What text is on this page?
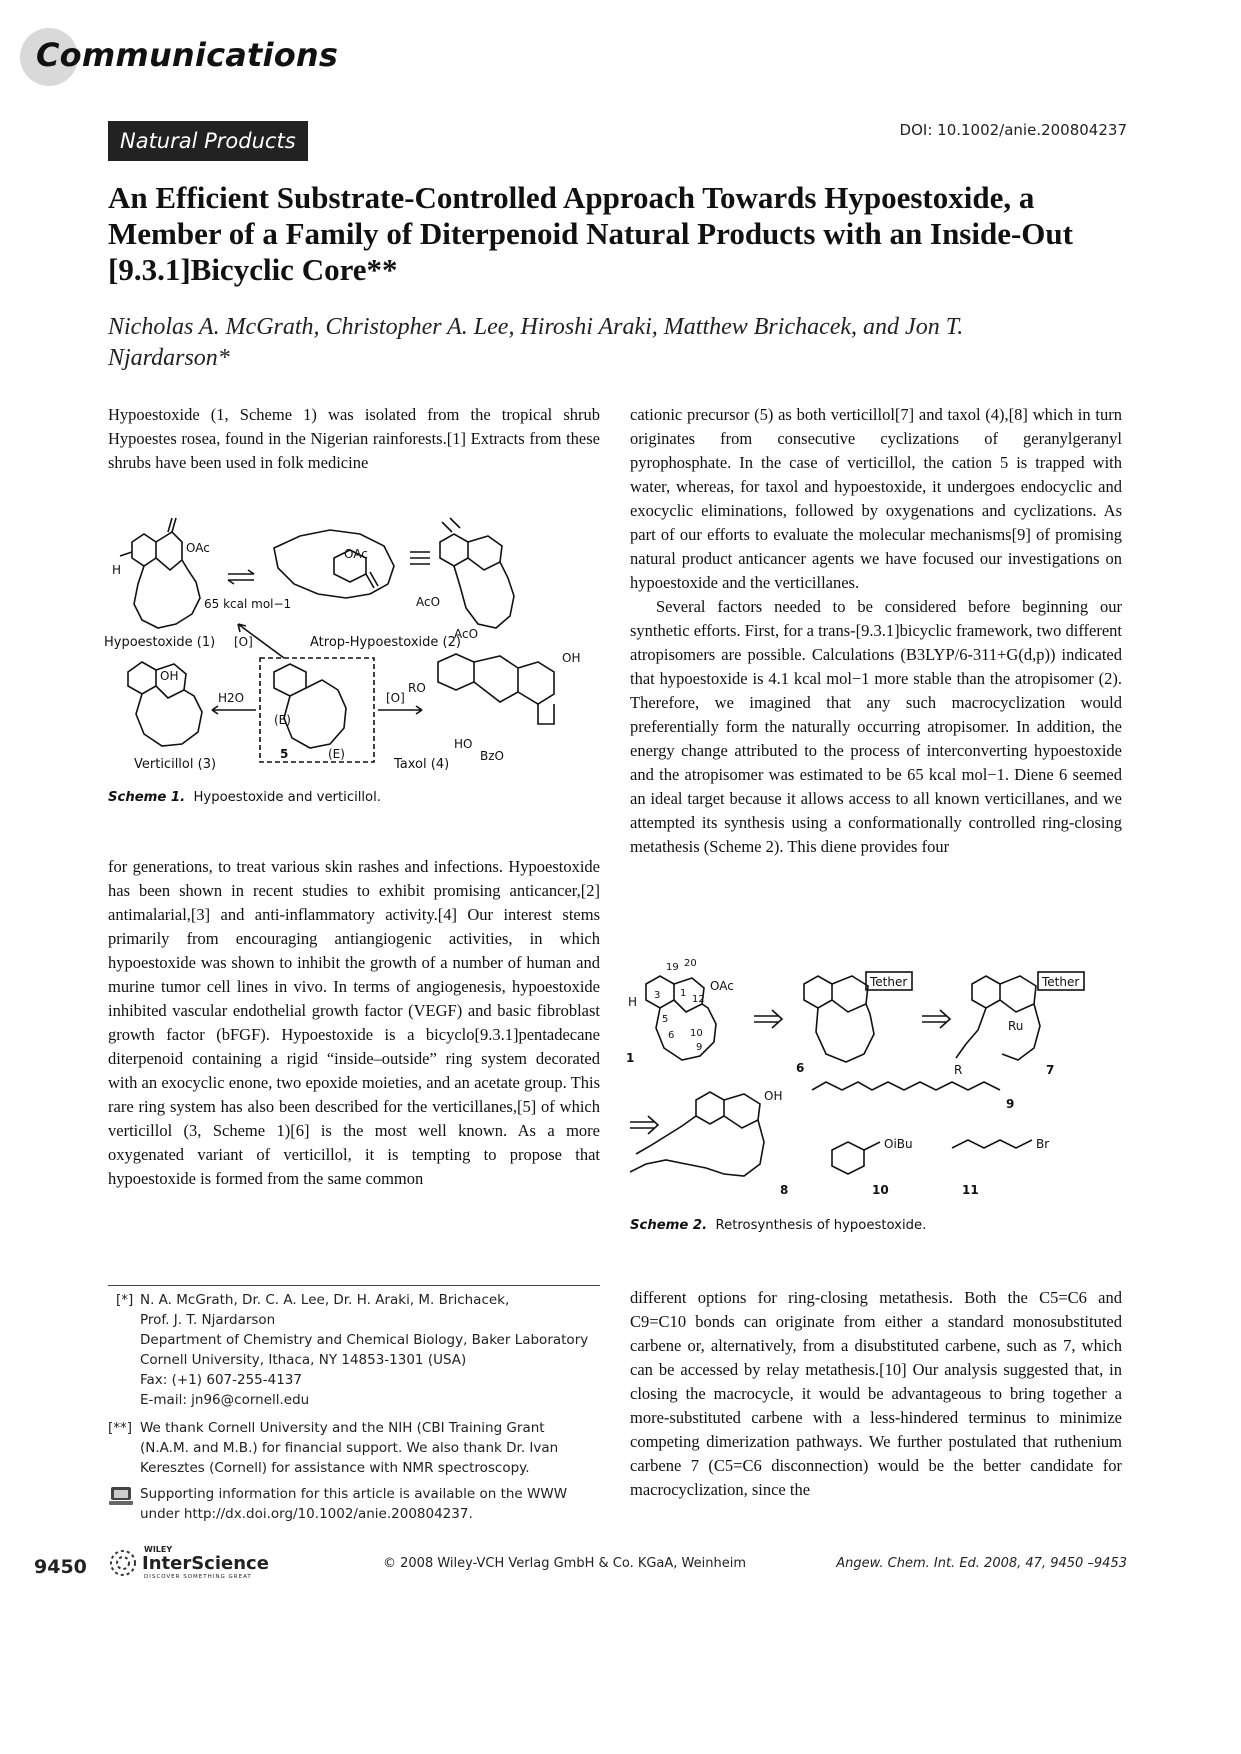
Communications
Natural Products	DOI: 10.1002/anie.200804237
An Efficient Substrate-Controlled Approach Towards Hypoestoxide, a Member of a Family of Diterpenoid Natural Products with an Inside-Out [9.3.1]Bicyclic Core**
Nicholas A. McGrath, Christopher A. Lee, Hiroshi Araki, Matthew Brichacek, and Jon T. Njardarson*

Hypoestoxide (1, Scheme 1) was isolated from the tropical shrub Hypoestes rosea, found in the Nigerian rainforests.[1] Extracts from these shrubs have been used in folk medicine

H
OAc
65 kcal mol−1
Hypoestoxide (1)
OAc
Atrop-Hypoestoxide (2)
AcO
[O]
OH
Verticillol (3)
H2O
(E)
(E)
5
[O]
AcO
OH
RO
HO
BzO
Taxol (4)
Scheme 1. Hypoestoxide and verticillol.

for generations, to treat various skin rashes and infections. Hypoestoxide has been shown in recent studies to exhibit promising anticancer,[2] antimalarial,[3] and anti-inflammatory activity.[4] Our interest stems primarily from encouraging antiangiogenic activities, in which hypoestoxide was shown to inhibit the growth of a number of human and murine tumor cell lines in vivo. In terms of angiogenesis, hypoestoxide inhibited vascular endothelial growth factor (VEGF) and basic fibroblast growth factor (bFGF). Hypoestoxide is a bicyclo[9.3.1]pentadecane diterpenoid containing a rigid “inside–outside” ring system decorated with an exocyclic enone, two epoxide moieties, and an acetate group. This rare ring system has also been described for the verticillanes,[5] of which verticillol (3, Scheme 1)[6] is the most well known. As a more oxygenated variant of verticillol, it is tempting to propose that hypoestoxide is formed from the same common

cationic precursor (5) as both verticillol[7] and taxol (4),[8] which in turn originates from consecutive cyclizations of geranylgeranyl pyrophosphate. In the case of verticillol, the cation 5 is trapped with water, whereas, for taxol and hypoestoxide, it undergoes endocyclic and exocyclic eliminations, followed by oxygenations and cyclizations. As part of our efforts to evaluate the molecular mechanisms[9] of promising natural product anticancer agents we have focused our investigations on hypoestoxide and the verticillanes.

Several factors needed to be considered before beginning our synthetic efforts. First, for a trans-[9.3.1]bicyclic framework, two different atropisomers are possible. Calculations (B3LYP/6-311+G(d,p)) indicated that hypoestoxide is 4.1 kcal mol−1 more stable than the atropisomer (2). Therefore, we imagined that any such macrocyclization would preferentially form the naturally occurring atropisomer. In addition, the energy change attributed to the process of interconverting hypoestoxide and the atropisomer was estimated to be 65 kcal mol−1. Diene 6 seemed an ideal target because it allows access to all known verticillanes, and we attempted its synthesis using a conformationally controlled ring-closing metathesis (Scheme 2). This diene provides four

H
19 20
3 1
12
5
6 10
9
OAc
1
6
Tether	Tether
Ru
R	7
OH
8
9
OiBu
10
Br
11
Scheme 2. Retrosynthesis of hypoestoxide.

different options for ring-closing metathesis. Both the C5=C6 and C9=C10 bonds can originate from either a standard monosubstituted carbene or, alternatively, from a disubstituted carbene, such as 7, which can be accessed by relay metathesis.[10] Our analysis suggested that, in closing the macrocycle, it would be advantageous to bring together a more-substituted carbene with a less-hindered terminus to minimize competing dimerization pathways. We further postulated that ruthenium carbene 7 (C5=C6 disconnection) would be the better candidate for macrocyclization, since the

[*] N. A. McGrath, Dr. C. A. Lee, Dr. H. Araki, M. Brichacek,
Prof. J. T. Njardarson
Department of Chemistry and Chemical Biology, Baker Laboratory
Cornell University, Ithaca, NY 14853-1301 (USA)
Fax: (+1) 607-255-4137
E-mail: jn96@cornell.edu
[**] We thank Cornell University and the NIH (CBI Training Grant (N.A.M. and M.B.) for financial support. We also thank Dr. Ivan Keresztes (Cornell) for assistance with NMR spectroscopy.
Supporting information for this article is available on the WWW under http://dx.doi.org/10.1002/anie.200804237.
9450
WILEY
InterScience
DISCOVER SOMETHING GREAT
© 2008 Wiley-VCH Verlag GmbH & Co. KGaA, Weinheim	Angew. Chem. Int. Ed. 2008, 47, 9450 –9453
